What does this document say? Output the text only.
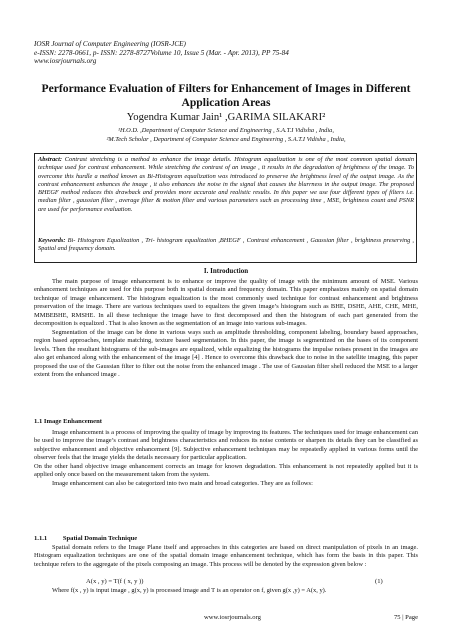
IOSR Journal of Computer Engineering (IOSR-JCE)
e-ISSN: 2278-0661, p- ISSN: 2278-8727Volume 10, Issue 5 (Mar. - Apr. 2013), PP 75-84
www.iosrjournals.org
Performance Evaluation of Filters for Enhancement of Images in Different Application Areas
Yogendra Kumar Jain¹ ,GARIMA SILAKARI²
¹H.O.D. ,Department of Computer Science and Engineering , S.A.T.I Vidisha , India,
²M.Tech Scholar , Department of Computer Science and Engineering , S.A.T.I Vidisha , India,
Abstract: Contrast stretching is a method to enhance the image details. Histogram equalization is one of the most common spatial domain technique used for contrast enhancement. While stretching the contrast of an image , it results in the degradation of brightness of the image. To overcome this hurdle a method known as Bi-Histogram equalization was introduced to preserve the brightness level of the output image. As the contrast enhancement enhances the image , it also enhances the noise in the signal that causes the blurrness in the output image. The proposed BHEGF method reduces this drawback and provides more accurate and realistic results. In this paper we use four different types of filters i.e. median filter , gaussian filter , average filter & motion filter and various parameters such as processing time , MSE, brightness count and PSNR are used for performance evaluation.
Keywords: Bi- Histogram Equalization , Tri- histogram equalization ,BHEGF , Contrast enhancement , Gaussian filter , brightness preserving , Spatial and frequency domain.
I. Introduction

The main purpose of image enhancement is to enhance or improve the quality of image with the minimum amount of MSE. Various enhancement techniques are used for this purpose both in spatial domain and frequency domain. This paper emphasizes mainly on spatial domain technique of image enhancement. The histogram equalization is the most commonly used technique for contrast enhancement and brightness preservation of the image. There are various techniques used to equalizes the given image’s histogram such as BHE, DSHE, AHE, CHE, MHE, MMBEBHE, RMSHE. In all these technique the image have to first decomposed and then the histogram of each part generated from the decomposition is equalized . That is also known as the segmentation of an image into various sub-images.

Segmentation of the image can be done in various ways such as amplitude thresholding, component labeling, boundary based approaches, region based approaches, template matching, texture based segmentation. In this paper, the image is segmentized on the bases of its component levels. Then the resultant histograms of the sub-images are equalized, while equalizing the histograms the impulse noises present in the images are also get enhanced along with the enhancement of the image [4] . Hence to overcome this drawback due to noise in the satellite imaging, this paper proposed the use of the Gaussian filter to filter out the noise from the enhanced image . The use of Gaussian filter shell reduced the MSE to a larger extent from the enhanced image .

1.1 Image Enhancement

Image enhancement is a process of improving the quality of image by improving its features. The techniques used for image enhancement can be used to improve the image’s contrast and brightness characteristics and reduces its noise contents or sharpen its details they can be classified as subjective enhancement and objective enhancement [9]. Subjective enhancement techniques may be repeatedly applied in various forms until the observer feels that the image yields the details necessary for particular application.

On the other hand objective image enhancement corrects an image for known degradation. This enhancement is not repeatedly applied but it is applied only once based on the measurement taken from the system.

Image enhancement can also be categorized into two main and broad categories. They are as follows:

1.1.1 Spatial Domain Technique

Spatial domain refers to the Image Plane itself and approaches in this categories are based on direct manipulation of pixels in an image. Histogram equalization techniques are one of the spatial domain image enhancement technique, which has form the basis in this paper. This technique refers to the aggregate of the pixels composing an image. This process will be denoted by the expression given below :

A(x , y) = T(f ( x, y ))	(1)
Where f(x , y) is input image , g(x, y) is processed image and T is an operator on f, given g(x ,y) = A(x, y).
www.iosrjournals.org	75 | Page
